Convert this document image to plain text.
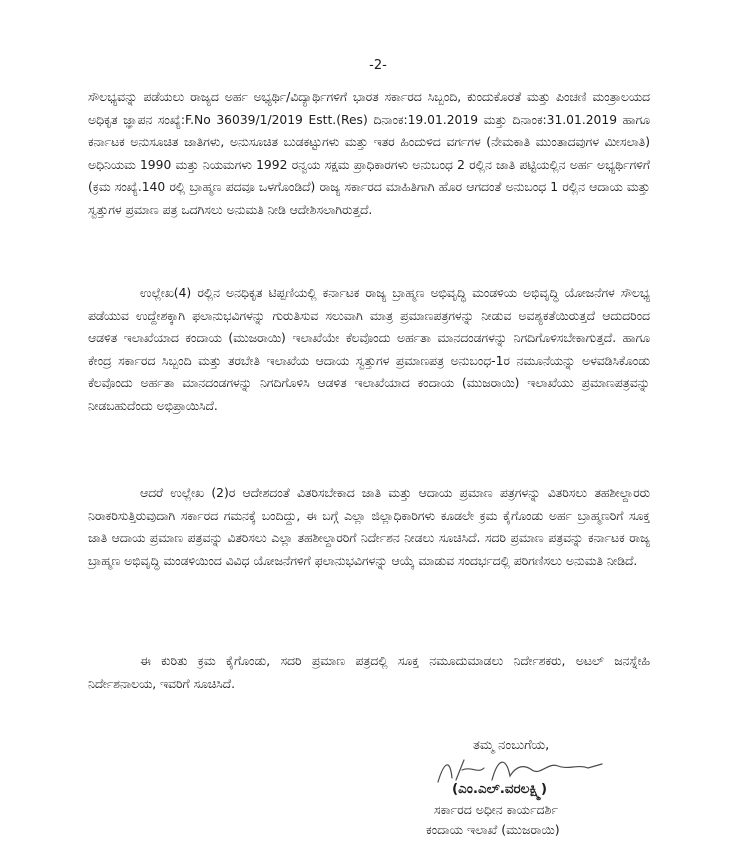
-2-

ಸೌಲಭ್ಯವನ್ನು ಪಡೆಯಲು ರಾಜ್ಯದ ಅರ್ಹ ಅಭ್ಯರ್ಥಿ/ವಿದ್ಯಾರ್ಥಿಗಳಿಗೆ ಭಾರತ ಸರ್ಕಾರದ ಸಿಬ್ಬಂದಿ, ಕುಂದುಕೊರತೆ ಮತ್ತು ಪಿಂಚಣಿ ಮಂತ್ರಾಲಯದ ಅಧಿಕೃತ ಜ್ಞಾಪನ ಸಂಖ್ಯೆ:F.No 36039/1/2019 Estt.(Res) ದಿನಾಂಕ:19.01.2019 ಮತ್ತು ದಿನಾಂಕ:31.01.2019 ಹಾಗೂ ಕರ್ನಾಟಕ ಅನುಸೂಚಿತ ಜಾತಿಗಳು, ಅನುಸೂಚಿತ ಬುಡಕಟ್ಟುಗಳು ಮತ್ತು ಇತರ ಹಿಂದುಳಿದ ವರ್ಗಗಳ (ನೇಮಕಾತಿ ಮುಂತಾದವುಗಳ ಮೀಸಲಾತಿ) ಅಧಿನಿಯಮ 1990 ಮತ್ತು ನಿಯಮಗಳು 1992 ರನ್ವಯ ಸಕ್ಷಮ ಪ್ರಾಧಿಕಾರಗಳು ಅನುಬಂಧ 2 ರಲ್ಲಿನ ಜಾತಿ ಪಟ್ಟಿಯಲ್ಲಿನ ಅರ್ಹ ಅಭ್ಯರ್ಥಿಗಳಿಗೆ (ಕ್ರಮ ಸಂಖ್ಯೆ.140 ರಲ್ಲಿ ಬ್ರಾಹ್ಮಣ ಪದವೂ ಒಳಗೊಂಡಿದೆ) ರಾಜ್ಯ ಸರ್ಕಾರದ ಮಾಹಿತಿಗಾಗಿ ಹೊರ ಆಗದಂತೆ ಅನುಬಂಧ 1 ರಲ್ಲಿನ ಆದಾಯ ಮತ್ತು ಸ್ವತ್ತುಗಳ ಪ್ರಮಾಣ ಪತ್ರ ಒದಗಿಸಲು ಅನುಮತಿ ನೀಡಿ ಆದೇಶಿಸಲಾಗಿರುತ್ತದೆ.

ಉಲ್ಲೇಖ(4) ರಲ್ಲಿನ ಅನಧಿಕೃತ ಟಿಪ್ಪಣಿಯಲ್ಲಿ ಕರ್ನಾಟಕ ರಾಜ್ಯ ಬ್ರಾಹ್ಮಣ ಅಭಿವೃದ್ಧಿ ಮಂಡಳಿಯ ಅಭಿವೃದ್ಧಿ ಯೋಜನೆಗಳ ಸೌಲಭ್ಯ ಪಡೆಯುವ ಉದ್ದೇಶಕ್ಕಾಗಿ ಫಲಾನುಭವಿಗಳನ್ನು ಗುರುತಿಸುವ ಸಲುವಾಗಿ ಮಾತ್ರ ಪ್ರಮಾಣಪತ್ರಗಳನ್ನು ನೀಡುವ ಅವಶ್ಯಕತೆಯಿರುತ್ತದೆ ಆದುದರಿಂದ ಆಡಳಿತ ಇಲಾಖೆಯಾದ ಕಂದಾಯ (ಮುಜರಾಯಿ) ಇಲಾಖೆಯೇ ಕೆಲವೊಂದು ಅರ್ಹತಾ ಮಾನದಂಡಗಳನ್ನು ನಿಗದಿಗೊಳಿಸಬೇಕಾಗುತ್ತದೆ. ಹಾಗೂ ಕೇಂದ್ರ ಸರ್ಕಾರದ ಸಿಬ್ಬಂದಿ ಮತ್ತು ತರಬೇತಿ ಇಲಾಖೆಯ ಆದಾಯ ಸ್ವತ್ತುಗಳ ಪ್ರಮಾಣಪತ್ರ ಅನುಬಂಧ-1ರ ನಮೂನೆಯನ್ನು ಅಳವಡಿಸಿಕೊಂಡು ಕೆಲವೊಂದು ಅರ್ಹತಾ ಮಾನದಂಡಗಳನ್ನು ನಿಗದಿಗೊಳಿಸಿ ಆಡಳಿತ ಇಲಾಖೆಯಾದ ಕಂದಾಯ (ಮುಜರಾಯಿ) ಇಲಾಖೆಯು ಪ್ರಮಾಣಪತ್ರವನ್ನು ನೀಡಬಹುದೆಂದು ಅಭಿಪ್ರಾಯಿಸಿದೆ.

ಆದರೆ ಉಲ್ಲೇಖ (2)ರ ಆದೇಶದಂತೆ ವಿತರಿಸಬೇಕಾದ ಜಾತಿ ಮತ್ತು ಆದಾಯ ಪ್ರಮಾಣ ಪತ್ರಗಳನ್ನು ವಿತರಿಸಲು ತಹಶೀಲ್ದಾರರು ನಿರಾಕರಿಸುತ್ತಿರುವುದಾಗಿ ಸರ್ಕಾರದ ಗಮನಕ್ಕೆ ಬಂದಿದ್ದು, ಈ ಬಗ್ಗೆ ಎಲ್ಲಾ ಜಿಲ್ಲಾಧಿಕಾರಿಗಳು ಕೂಡಲೇ ಕ್ರಮ ಕೈಗೊಂಡು ಅರ್ಹ ಬ್ರಾಹ್ಮಣರಿಗೆ ಸೂಕ್ತ ಜಾತಿ ಆದಾಯ ಪ್ರಮಾಣ ಪತ್ರವನ್ನು ವಿತರಿಸಲು ಎಲ್ಲಾ ತಹಶೀಲ್ದಾರರಿಗೆ ನಿರ್ದೇಶನ ನೀಡಲು ಸೂಚಿಸಿದೆ. ಸದರಿ ಪ್ರಮಾಣ ಪತ್ರವನ್ನು ಕರ್ನಾಟಕ ರಾಜ್ಯ ಬ್ರಾಹ್ಮಣ ಅಭಿವೃದ್ಧಿ ಮಂಡಳಿಯಿಂದ ವಿವಿಧ ಯೋಜನೆಗಳಿಗೆ ಫಲಾನುಭವಿಗಳನ್ನು ಆಯ್ಕೆ ಮಾಡುವ ಸಂದರ್ಭದಲ್ಲಿ ಪರಿಗಣಿಸಲು ಅನುಮತಿ ನೀಡಿದೆ.

ಈ ಕುರಿತು ಕ್ರಮ ಕೈಗೊಂಡು, ಸದರಿ ಪ್ರಮಾಣ ಪತ್ರದಲ್ಲಿ ಸೂಕ್ತ ನಮೂದುಮಾಡಲು ನಿರ್ದೇಶಕರು, ಅಟಲ್ ಜನಸ್ನೇಹಿ ನಿರ್ದೇಶನಾಲಯ, ಇವರಿಗೆ ಸೂಚಿಸಿದೆ.

ತಮ್ಮ ನಂಬುಗೆಯ,
(ಎಂ.ಎಲ್.ವರಲಕ್ಷ್ಮಿ)
ಸರ್ಕಾರದ ಅಧೀನ ಕಾರ್ಯದರ್ಶಿ
ಕಂದಾಯ ಇಲಾಖೆ (ಮುಜರಾಯಿ)
